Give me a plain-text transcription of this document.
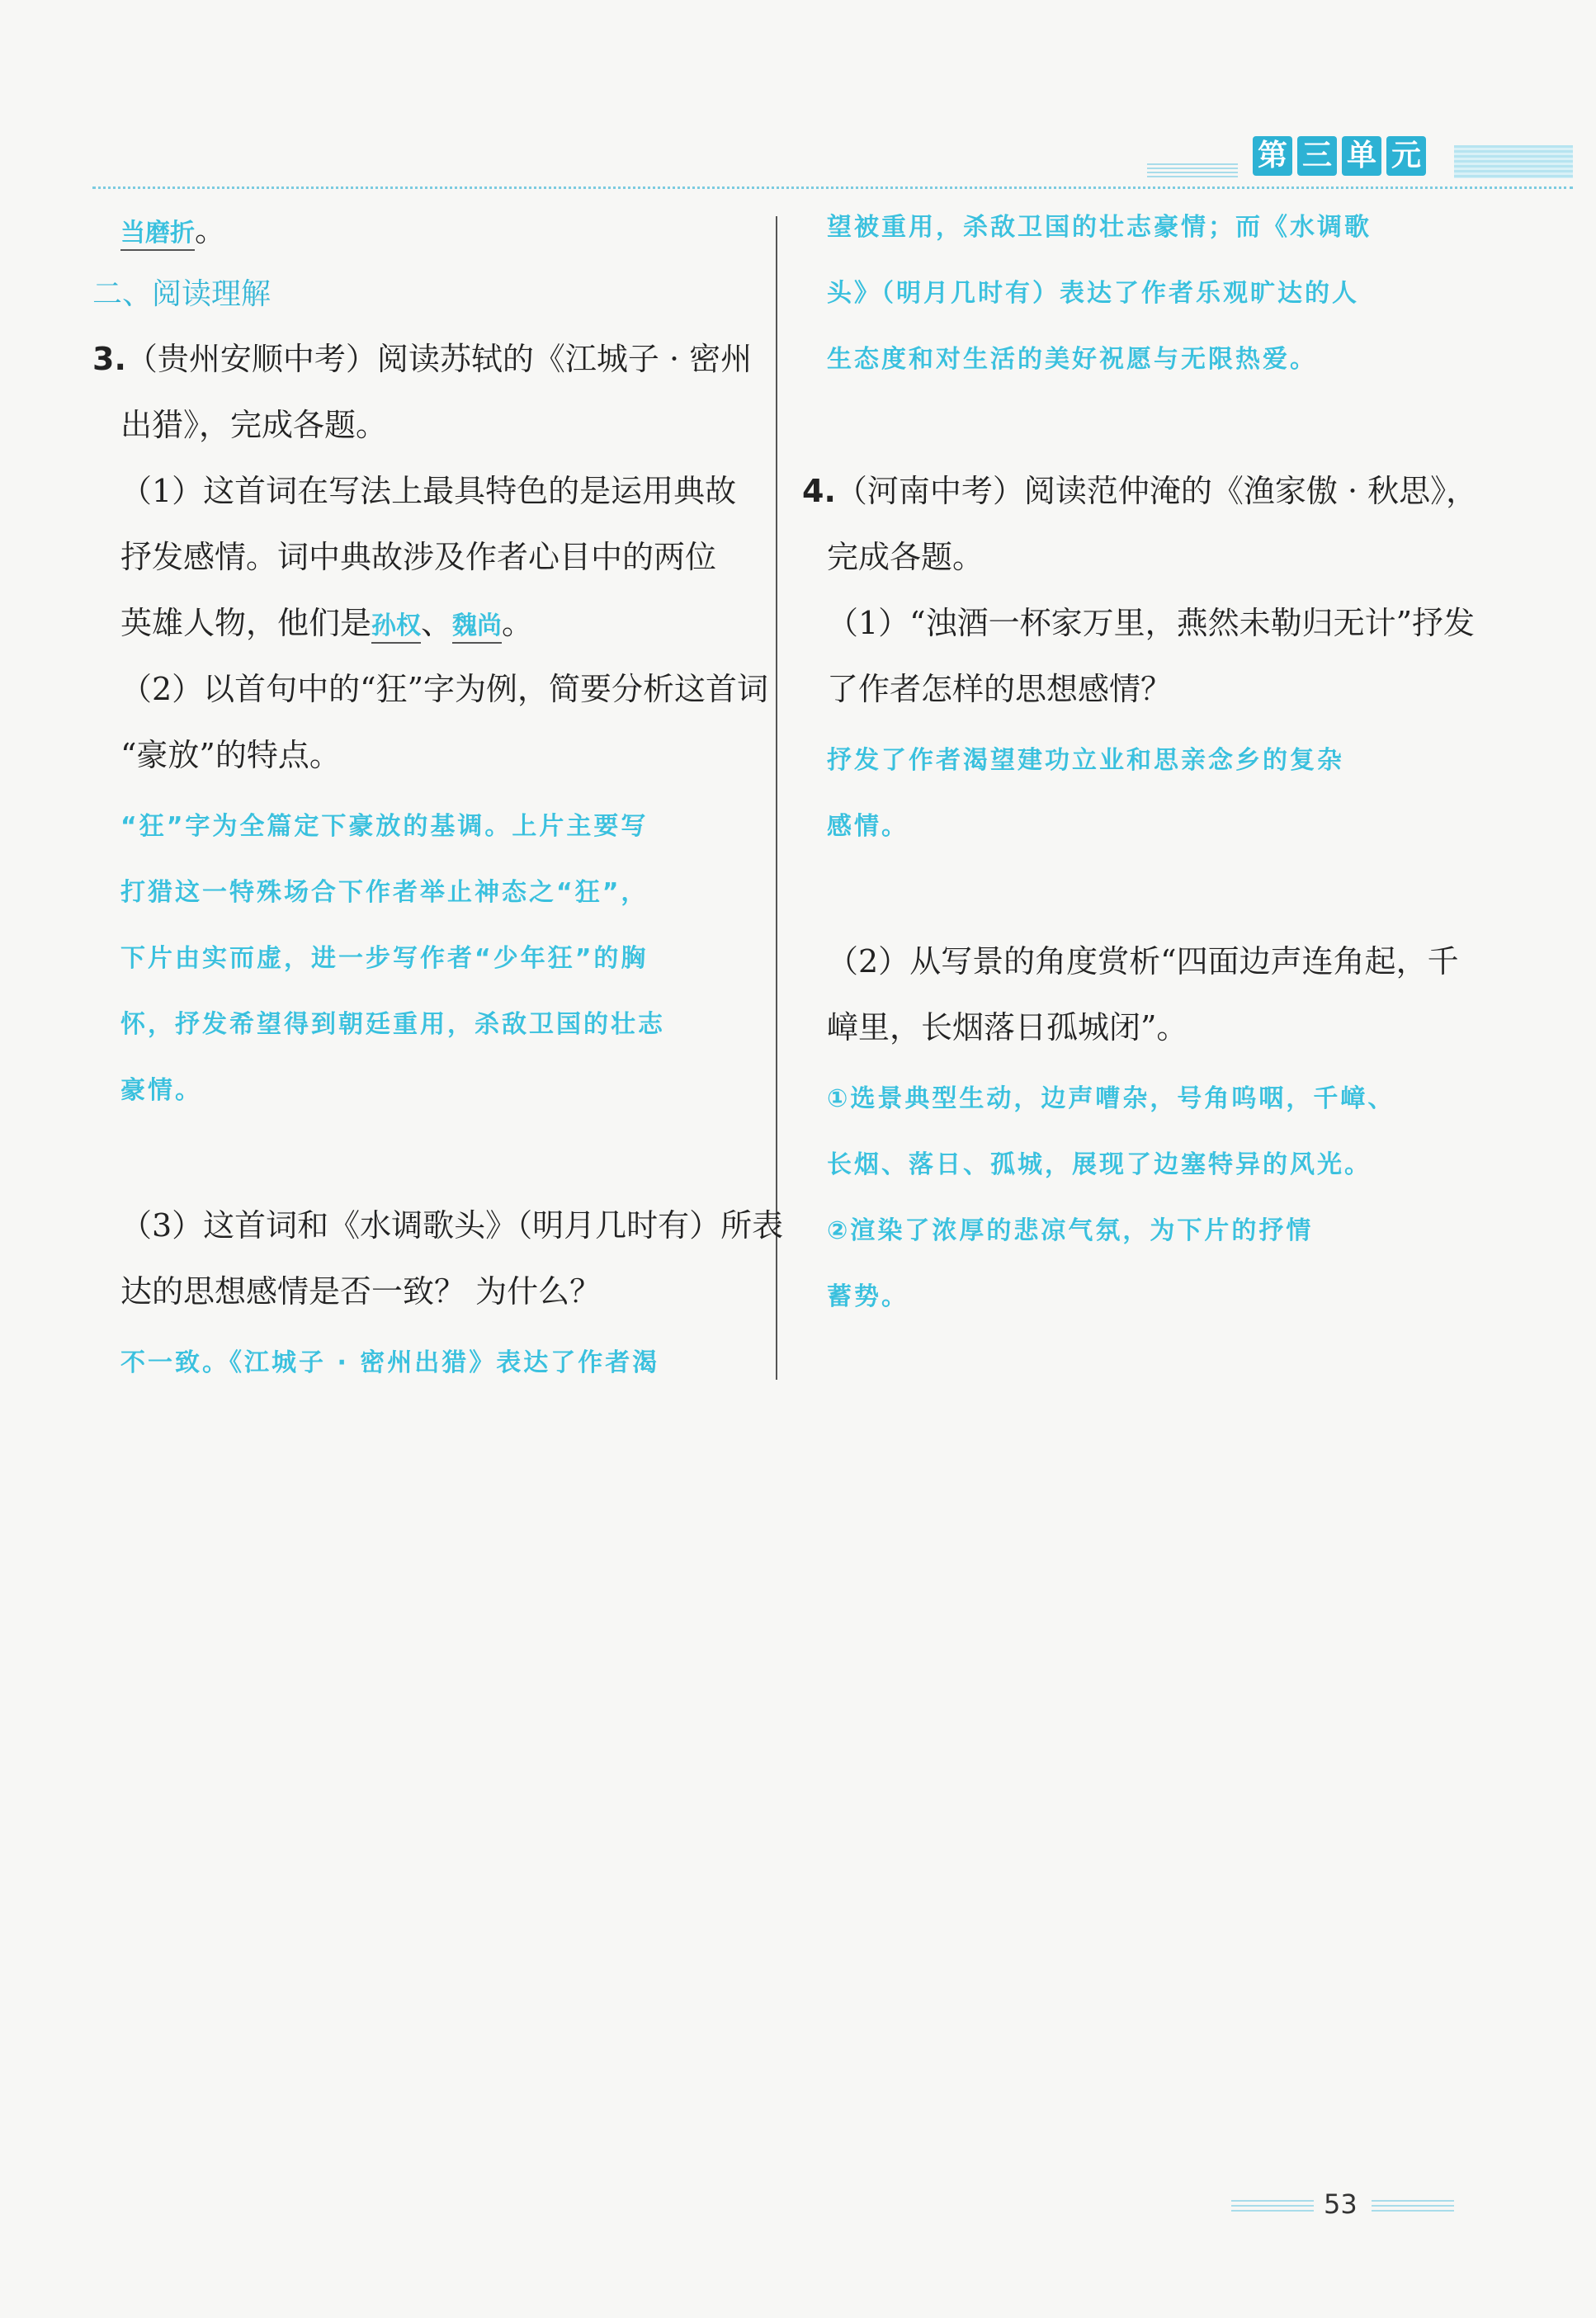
第 三 单 元
当磨折。
二、阅读理解
3.（贵州安顺中考）阅读苏轼的《江城子 · 密州
出猎》，完成各题。
（1）这首词在写法上最具特色的是运用典故
抒发感情。词中典故涉及作者心目中的两位
英雄人物，他们是孙权、魏尚。
（2）以首句中的“狂”字为例，简要分析这首词
“豪放”的特点。
“狂”字为全篇定下豪放的基调。上片主要写
打猎这一特殊场合下作者举止神态之“狂”，
下片由实而虚，进一步写作者“少年狂”的胸
怀，抒发希望得到朝廷重用，杀敌卫国的壮志
豪情。
（3）这首词和《水调歌头》（明月几时有）所表
达的思想感情是否一致？ 为什么？
不一致。《江城子 · 密州出猎》表达了作者渴
望被重用，杀敌卫国的壮志豪情；而《水调歌
头》（明月几时有）表达了作者乐观旷达的人
生态度和对生活的美好祝愿与无限热爱。
4.（河南中考）阅读范仲淹的《渔家傲 · 秋思》，
完成各题。
（1）“浊酒一杯家万里，燕然未勒归无计”抒发
了作者怎样的思想感情？
抒发了作者渴望建功立业和思亲念乡的复杂
感情。
（2）从写景的角度赏析“四面边声连角起，千
嶂里，长烟落日孤城闭”。
①选景典型生动，边声嘈杂，号角呜咽，千嶂、
长烟、落日、孤城，展现了边塞特异的风光。
②渲染了浓厚的悲凉气氛，为下片的抒情
蓄势。
53
